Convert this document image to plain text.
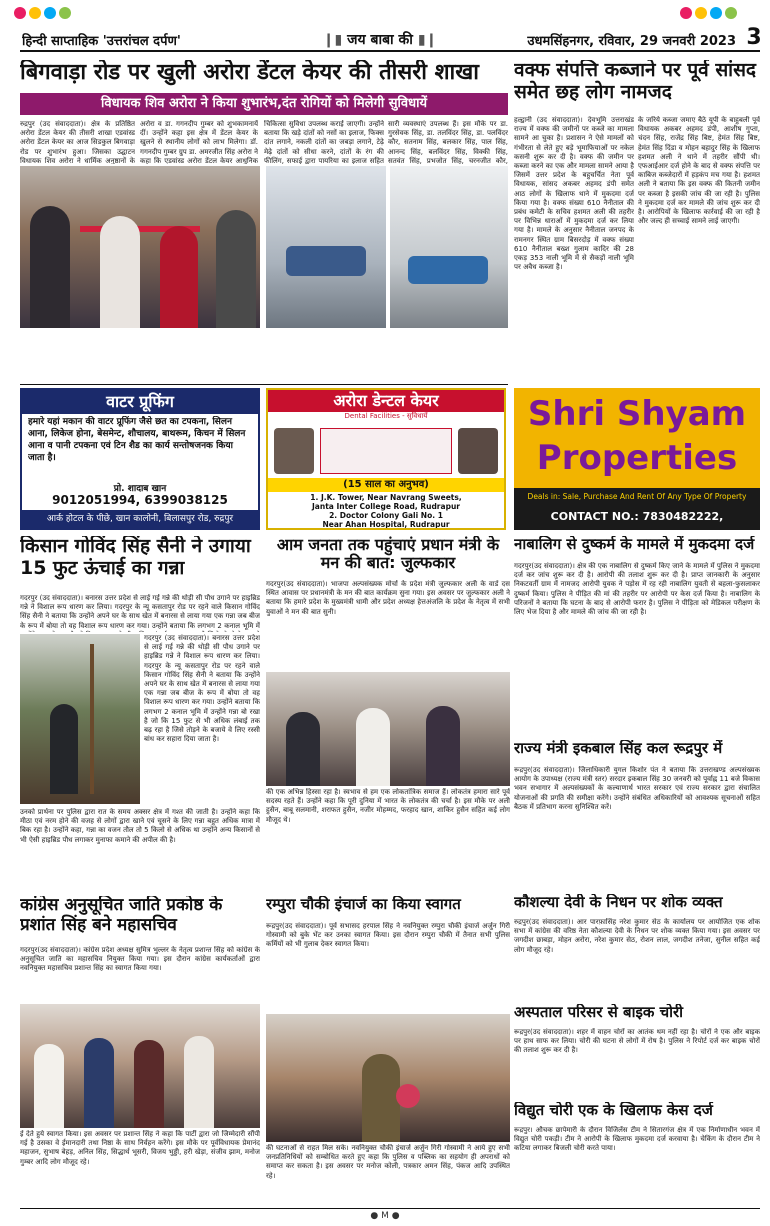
हिन्दी साप्ताहिक 'उत्तरांचल दर्पण'	❙▮ जय बाबा की ▮❙	उधमसिंहनगर, रविवार, 29 जनवरी 2023 3
बिगवाड़ा रोड पर खुली अरोरा डेंटल केयर की तीसरी शाखा
विधायक शिव अरोरा ने किया शुभारंभ,दंत रोगियों को मिलेगी सुविधायें
रुद्रपुर (उद संवाददाता)। क्षेत्र के प्रतिष्ठित अरोरा डेंटल केयर की तीसरी शाखा एडवांस्ड अरोरा डेंटल केयर का आज सिडकुल बिगवाड़ा रोड पर शुभारंभ हुआ। जिसका उद्घाटन विधायक शिव अरोरा ने धार्मिक अनुष्ठानों के
अरोरा व डा. गगनदीप गुम्बर को शुभकामनायें दीं। उन्होंने कहा इस क्षेत्र में डेंटल केयर के खुलने से स्थानीय लोगों को लाभ मिलेगा। डॉ. गगनदीप गुम्बर ग्रुप डा. अमरजीत सिंह अरोरा ने कहा कि एडवांस्ड अरोरा डेंटल केयर आधुनिक
चिकित्सा सुविधा उपलब्ध कराई जाएगी। उन्होंने बताया कि खड़े दांतों को नसों का इलाज, फिक्स दांत लगाने, नकली दांतों का जबड़ा लगाने, टेढ़े मेढ़े दांतों को सीधा करने, दांतों के रंग की फीलिंग, सफाई द्वारा पायरिया का इलाज सहित
सारी व्यवस्थाएं उपलब्ध हैं। इस मौके पर डा. गुरसेवक सिंह, डा. तलविंदर सिंह, डा. पलविंदर कौर, सतनाम सिंह, बलकार सिंह, पाल सिंह, आनन्द सिंह, बलविंदर सिंह, विक्की सिंह, सतवंत सिंह, प्रभजोत सिंह, चरनजीत कौर,
वक्फ संपत्ति कब्जाने पर पूर्व सांसद समेत छह लोग नामजद
हल्द्वानी (उद संवाददाता)। देवभूमि उत्तराखंड राज्य में वक्फ की जमीनों पर कब्जे का मामला सामने आ चुका है। प्रशासन ने ऐसे मामलों को गंभीरता से लेते हुए बड़े भूमाफियाओं पर नकेल कसनी शुरू कर दी है। वक्फ की जमीन पर कब्जा करने का एक और मामला सामने आया है जिसमें उत्तर प्रदेश के बहुचर्चित नेता पूर्व विधायक, सांसद अकबर अहमद डंपी समेत आठ लोगों के खिलाफ थाने में मुकदमा दर्ज किया गया है। वक्फ संख्या 610 नैनीताल की प्रबंध कमेटी के सचिव हशमत अली की तहरीर पर विभिन्न धाराओं में मुकदमा दर्ज कर लिया गया है। मामले के अनुसार नैनीताल जनपद के रामनगर स्थित ग्राम बिसरदोड़ में वक्फ संख्या 610 नैनीताल बख्श गुलाम कादिर की 28 एकड़ 353 नाली भूमि में से सैकड़ों नाली भूमि पर अवैध कब्जा है।
के जरिये कब्जा जमाए बैठे यूपी के बाहुबली पूर्व विधायक अकबर अहमद डंपी, आशीष गुप्ता, चंदन सिंह, राजेंद्र सिंह बिष्ट, हेमंत सिंह बिष्ट, हेमंत सिंह दिंडा व मोहन बहादुर सिंह के खिलाफ हशमत अली ने थाने में तहरीर सौंपी थी। एफआईआर दर्ज होने के बाद से वक्फ संपत्ति पर काबिज कब्जेदारों में हड़कंप मच गया है। हशमत अली ने बताया कि इस वक्फ की कितनी जमीन पर कब्जा है इसकी जांच की जा रही है। पुलिस ने मुकदमा दर्ज कर मामले की जांच शुरू कर दी है। आरोपियों के खिलाफ कार्रवाई की जा रही है और जल्द ही सच्चाई सामने लाई जाएगी।
वाटर प्रूफिंग
हमारे यहां मकान की वाटर प्रूफिंग जैसे छत का टपकना, सिलन आना, लिकेज होना, बेसमेन्ट, शौचालय, बाथरूम, किचन में सिलन आना व पानी टपकना एवं टिन शैड का कार्य सन्तोषजनक किया जाता है।
प्रो. शादाब खान
9012051994, 6399038125
आर्क होटल के पीछे, खान कालोनी, बिलासपुर रोड, रुद्रपुर
अरोरा डेन्टल केयर
Dental Facilities - सुविधायें
(15 साल का अनुभव)
1. J.K. Tower, Near Navrang Sweets,
Janta Inter College Road, Rudrapur
2. Doctor Colony Gali No. 1
Near Ahan Hospital, Rudrapur
Shri Shyam
Properties
Deals in: Sale, Purchase And Rent Of Any Type Of Property
CONTACT NO.: 7830482222,
किसान गोविंद सिंह सैनी ने उगाया 15 फुट ऊंचाई का गन्ना
गदरपुर (उद संवाददाता)। बनारस उत्तर प्रदेश से लाई गई गन्ने की थोड़ी सी पौध उगाने पर हाइब्रिड गन्ने ने विशाल रूप धारण कर लिया। गदरपुर के न्यू कसतापुर रोड पर रहने वाले किसान गोविंद सिंह सैनी ने बताया कि उन्होंने अपने घर के साथ खेत में बनारस से लाया गया एक गन्ना जब बीज के रूप में बोया तो वह विशाल रूप धारण कर गया। उन्होंने बताया कि लगभग 2 कनाल भूमि में
गदरपुर (उद संवाददाता)। बनारस उत्तर प्रदेश से लाई गई गन्ने की थोड़ी सी पौध उगाने पर हाइब्रिड गन्ने ने विशाल रूप धारण कर लिया। गदरपुर के न्यू कसतापुर रोड पर रहने वाले किसान गोविंद सिंह सैनी ने बताया कि उन्होंने अपने घर के साथ खेत में बनारस से लाया गया एक गन्ना जब बीज के रूप में बोया तो वह विशाल रूप धारण कर गया। उन्होंने बताया कि लगभग 2 कनाल भूमि में उन्होंने गन्ना बो रखा है जो कि 15 फुट से भी अधिक लंबाई तक बढ़ रहा है जिसे तोड़ने के बजाये वे लिए रस्सी बांध कर सहारा दिया जाता है।
उनको प्रार्थना पर पुलिस द्वारा रात के समय अक्सर क्षेत्र में गश्त की जाती है। उन्होंने कहा कि मीठा एवं नरम होने की वजह से लोगों द्वारा खाने एवं चूसने के लिए गन्ना बहुत अधिक मात्रा में बिक रहा है। उन्होंने कहा, गन्ना का वजन तौल तो 5 किलो से अधिक था उन्होंने अन्य किसानों से भी ऐसी हाइब्रिड पौध लगाकर मुनाफा कमाने की अपील की है।
आम जनता तक पहुंचाएं प्रधान मंत्री के मन की बात: जुल्फकार
गदरपुर(उद संवाददाता)। भाजपा अल्पसंख्यक मोर्चा के प्रदेश मंत्री जुल्फकार अली के वार्ड दस स्थित आवास पर प्रधानमंत्री के मन की बात कार्यक्रम सुना गया। इस अवसर पर जुल्फकार अली ने बताया कि हमारे प्रदेश के मुख्यमंत्री धामी और प्रदेश अध्यक्ष हेत्तअंजलि के प्रदेश के नेतृत्व में सभी युवाओं ने मन की बात सुनी।
की एक अभिन्न हिस्सा रहा है। स्वभाव से हम एक लोकतांत्रिक समाज हैं। लोकतंत्र हमारा सारे पूर्व सदस्य रहते हैं। उन्होंने कहा कि पूरी दुनिया में भारत के लोकतंत्र की चर्चा है। इस मौके पर अली हुसैन, बाबू सलमानी, शराफत हुसैन, नजीर मोहम्मद, फरहाद खान, शाकिर हुसैन सहित कई लोग मौजूद थे।
नाबालिग से दुष्कर्म के मामले में मुकदमा दर्ज
गदरपुर(उद संवाददाता)। क्षेत्र की एक नाबालिग से दुष्कर्म किए जाने के मामले में पुलिस ने मुकदमा दर्ज कर जांच शुरू कर दी है। आरोपी की तलाश शुरू कर दी है। प्राप्त जानकारी के अनुसार निकटवर्ती ग्राम में नामजद आरोपी युवक ने पड़ोस में रह रही नाबालिग युवती से बहला-फुसलाकर दुष्कर्म किया। पुलिस ने पीड़ित की मां की तहरीर पर आरोपी पर केस दर्ज किया है। नाबालिग के परिजनों ने बताया कि घटना के बाद से आरोपी फरार है। पुलिस ने पीड़िता को मेडिकल परीक्षण के लिए भेज दिया है और मामले की जांच की जा रही है।
राज्य मंत्री इकबाल सिंह कल रूद्रपुर में
रूद्रपुर(उद संवाददाता)। जिलाधिकारी युगल किशोर पंत ने बताया कि उत्तराखण्ड अल्पसंख्यक आयोग के उपाध्यक्ष (राज्य मंत्री स्तर) सरदार इकबाल सिंह 30 जनवरी को पूर्वाह्न 11 बजे विकास भवन सभागार में अल्पसंख्यकों के कल्याणार्थ भारत सरकार एवं राज्य सरकार द्वारा संचालित योजनाओं की प्रगति की समीक्षा करेंगे। उन्होंने संबंधित अधिकारियों को आवश्यक सूचनाओं सहित बैठक में प्रतिभाग करना सुनिश्चित करें।
कांग्रेस अनुसूचित जाति प्रकोष्ठ के प्रशांत सिंह बने महासचिव
गदरपुर(उद संवाददाता)। कांग्रेस प्रदेश अध्यक्ष सुमित्र भुल्लर के नेतृत्व प्रशान्त सिंह को कांग्रेस के अनुसूचित जाति का महासचिव नियुक्त किया गया। इस दौरान कांग्रेस कार्यकर्ताओं द्वारा नवनियुक्त महासचिव प्रशान्त सिंह का स्वागत किया गया।
ई देते हुये स्वागत किया। इस अवसर पर प्रशान्त सिंह ने कहा कि पार्टी द्वारा जो जिम्मेदारी सौंपी गई है उसका वे ईमानदारी तथा निष्ठा के साथ निर्वहन करेंगे। इस मौके पर पूर्वविधायक प्रेमानंद महाजन, सुभाष बेहड़, अनिल सिंह, सिद्धार्थ भूसरी, विजय भुड्डी, हरी खेड़ा, संजीव झाम, मनोज गुम्बर आदि लोग मौजूद रहे।
रम्पुरा चौकी इंचार्ज का किया स्वागत
रूद्रपुर(उद संवाददाता)। पूर्व सभासद हरपाल सिंह ने नवनियुक्त रम्पुरा चौकी इंचार्ज अर्जुन गिरी गोस्वामी को बुके भेंट कर उनका स्वागत किया। इस दौरान रम्पुरा चौकी में तैनात सभी पुलिस कर्मियों को भी गुलाब देकर स्वागत किया।
की घटनाओं से राहत मिल सके। नवनियुक्त चौकी इंचार्ज अर्जुन गिरी गोस्वामी ने आये हुए सभी जनप्रतिनिधियों को सम्बोधित करते हुए कहा कि पुलिस व पब्लिक का सहयोग ही अपराधों को समाप्त कर सकता है। इस अवसर पर मनोज कोली, पत्रकार अमन सिंह, पंकज आदि उपस्थित रहे।
कौशल्या देवी के निधन पर शोक व्यक्त
रुद्रपुर(उद संवाददाता)। आर पारफ़ासिंह नरेश कुमार सेठ के कार्यालय पर आयोजित एक शोक सभा में कांग्रेस की वरिष्ठ नेता कौशल्या देवी के निधन पर शोक व्यक्त किया गया। इस अवसर पर जगदीश छाबड़ा, मोहन अरोरा, नरेश कुमार सेठ, रोशन लाल, जगदीश तनेजा, सुनील सहित कई लोग मौजूद रहे।
अस्पताल परिसर से बाइक चोरी
रूद्रपुर(उद संवाददाता)। शहर में वाहन चोरों का आतंक थम नहीं रहा है। चोरों ने एक और बाइक पर हाथ साफ कर लिया। चोरी की घटना से लोगों में रोष है। पुलिस ने रिपोर्ट दर्ज कर बाइक चोरों की तलाश शुरू कर दी है।
विद्युत चोरी एक के खिलाफ केस दर्ज
रूद्रपुर। औचक छापेमारी के दौरान विजिलेंस टीम ने सितारगंज क्षेत्र में एक निर्माणाधीन भवन में विद्युत चोरी पकड़ी। टीम ने आरोपी के खिलाफ मुकदमा दर्ज करवाया है। चेकिंग के दौरान टीम ने कटिया लगाकर बिजली चोरी करते पाया।
● M ●
